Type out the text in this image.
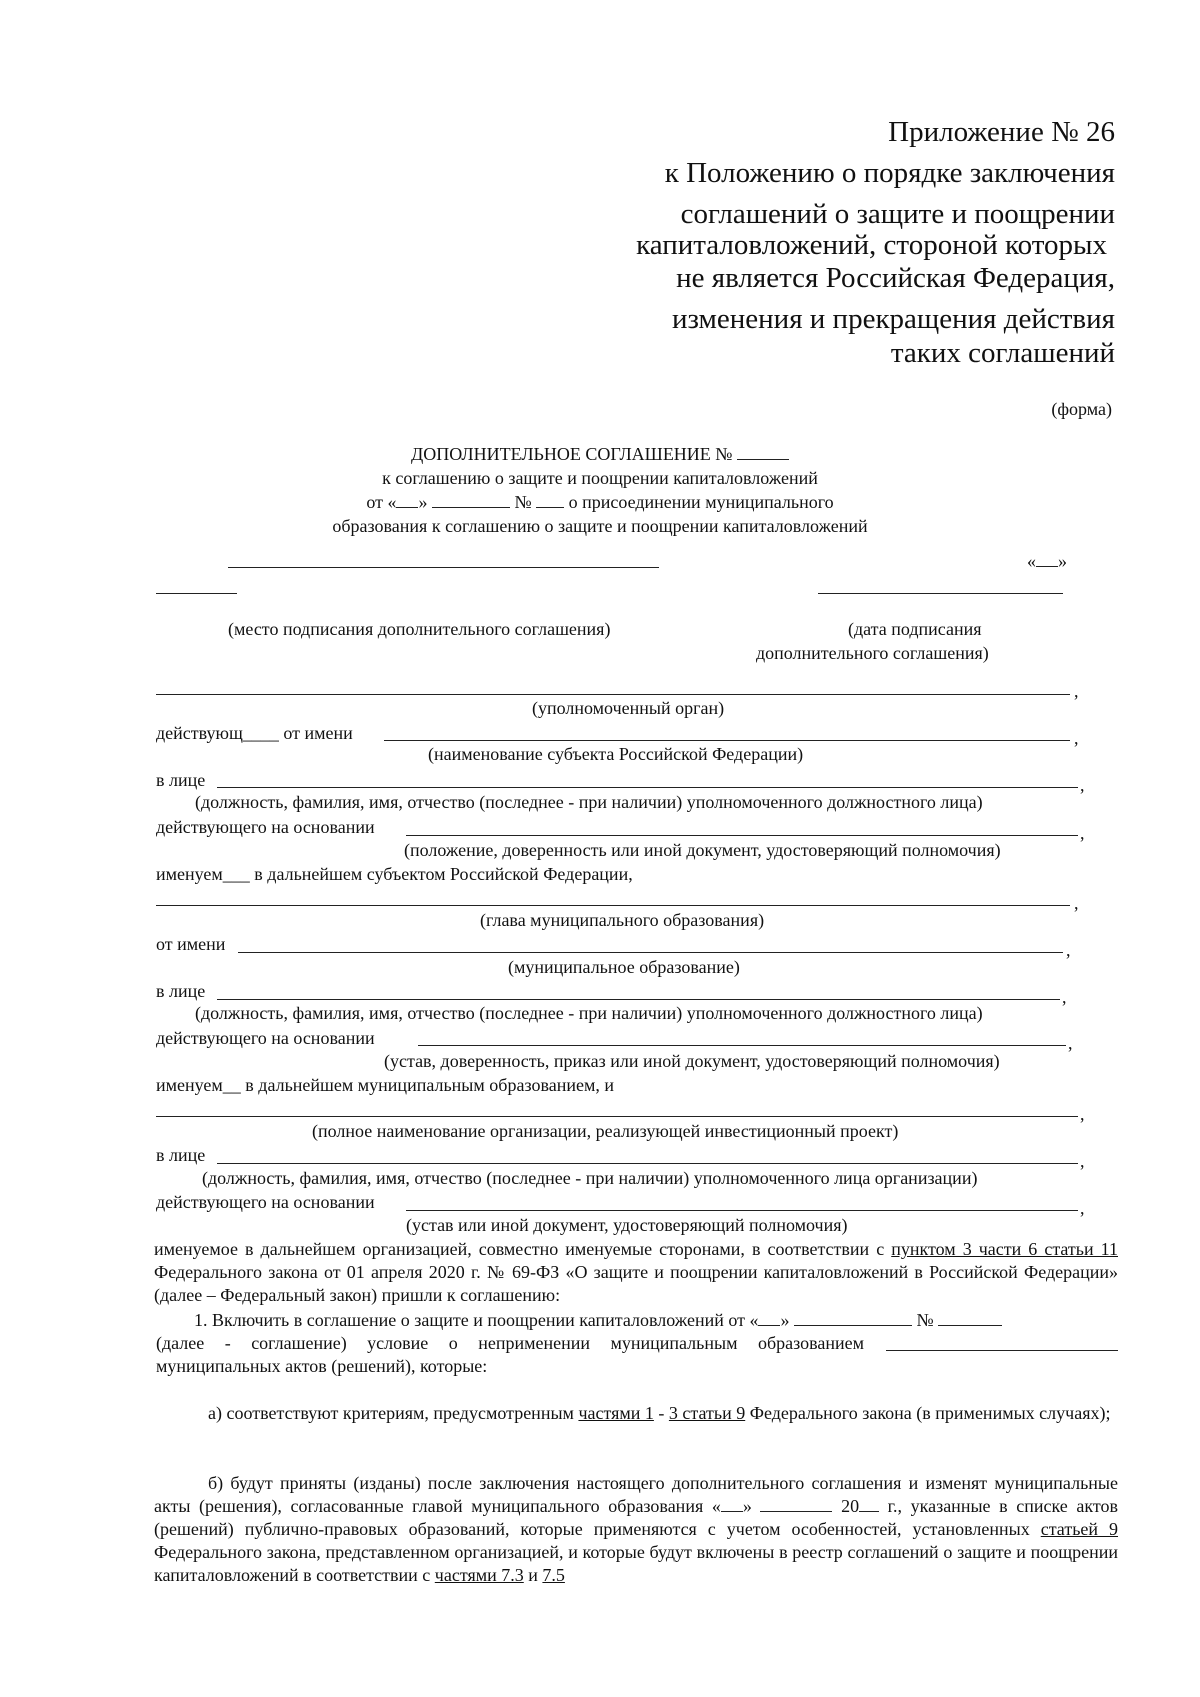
Приложение № 26
к Положению о порядке заключения
соглашений о защите и поощрении
капиталовложений, стороной которых
не является Российская Федерация,
изменения и прекращения действия
таких соглашений
(форма)
ДОПОЛНИТЕЛЬНОЕ СОГЛАШЕНИЕ №
к соглашению о защите и поощрении капиталовложений
от « »	№ о присоединении муниципального
образования к соглашению о защите и поощрении капиталовложений
« »
(место подписания дополнительного соглашения)	(дата подписания
дополнительного соглашения)
,
(уполномоченный орган)
действующ____ от имени	,
(наименование субъекта Российской Федерации)
в лице	,
(должность, фамилия, имя, отчество (последнее - при наличии) уполномоченного должностного лица)
действующего на основании	,
(положение, доверенность или иной документ, удостоверяющий полномочия)
именуем___ в дальнейшем субъектом Российской Федерации,
,
(глава муниципального образования)
от имени	,
(муниципальное образование)
в лице	,
(должность, фамилия, имя, отчество (последнее - при наличии) уполномоченного должностного лица)
действующего на основании	,
(устав, доверенность, приказ или иной документ, удостоверяющий полномочия)
именуем__ в дальнейшем муниципальным образованием, и
,
(полное наименование организации, реализующей инвестиционный проект)
в лице	,
(должность, фамилия, имя, отчество (последнее - при наличии) уполномоченного лица организации)
действующего на основании	,
(устав или иной документ, удостоверяющий полномочия)
именуемое в дальнейшем организацией, совместно именуемые сторонами, в соответствии с пунктом 3 части 6 статьи 11 Федерального закона от 01 апреля 2020 г. № 69-ФЗ «О защите и поощрении капиталовложений в Российской Федерации» (далее – Федеральный закон) пришли к соглашению:
1. Включить в соглашение о защите и поощрении капиталовложений от « »	№
(далее - соглашение) условие о неприменении муниципальным образованием
муниципальных актов (решений), которые:
а) соответствуют критериям, предусмотренным частями 1 - 3 статьи 9 Федерального закона (в применимых случаях);
б) будут приняты (изданы) после заключения настоящего дополнительного соглашения и изменят муниципальные акты (решения), согласованные главой муниципального образования « »	20 г., указанные в списке актов (решений) публично-правовых образований, которые применяются с учетом особенностей, установленных статьей 9 Федерального закона, представленном организацией, и которые будут включены в реестр соглашений о защите и поощрении капиталовложений в соответствии с частями 7.3 и 7.5
